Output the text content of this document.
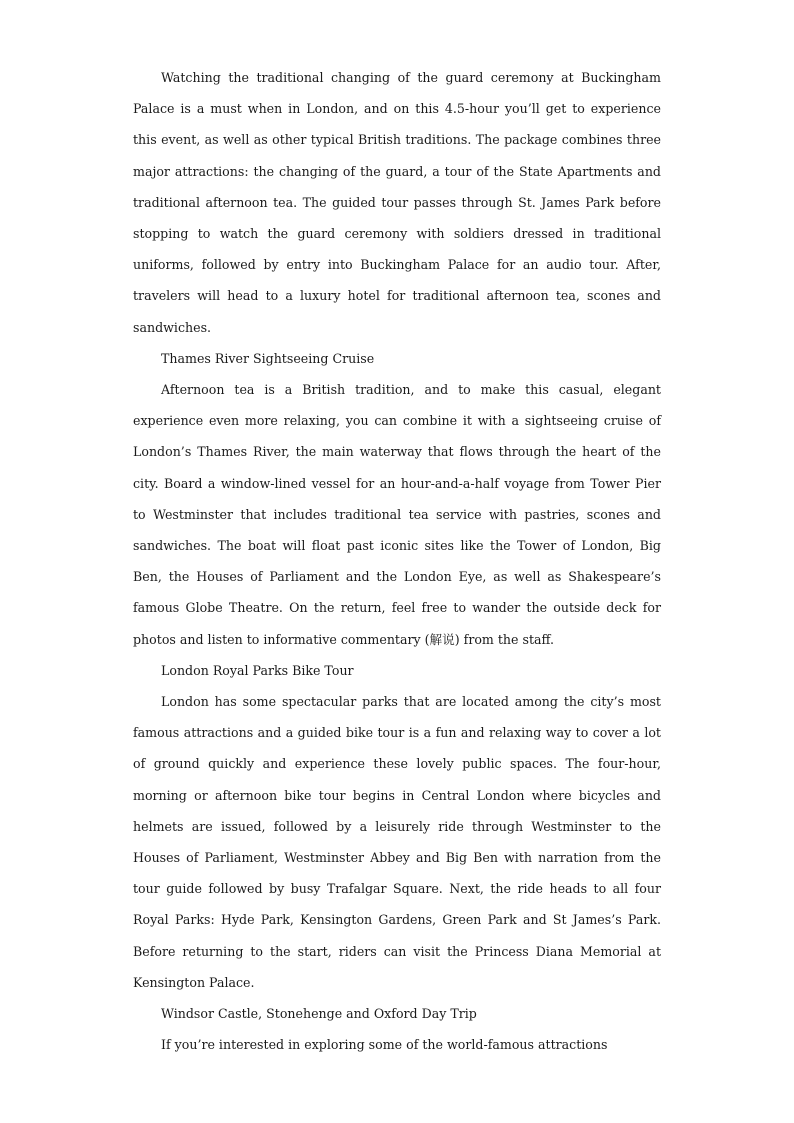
Watching the traditional changing of the guard ceremony at Buckingham Palace is a must when in London, and on this 4.5-hour you’ll get to experience this event, as well as other typical British traditions. The package combines three major attractions: the changing of the guard, a tour of the State Apartments and traditional afternoon tea. The guided tour passes through St. James Park before stopping to watch the guard ceremony with soldiers dressed in traditional uniforms, followed by entry into Buckingham Palace for an audio tour. After, travelers will head to a luxury hotel for traditional afternoon tea, scones and sandwiches.

Thames River Sightseeing Cruise

Afternoon tea is a British tradition, and to make this casual, elegant experience even more relaxing, you can combine it with a sightseeing cruise of London’s Thames River, the main waterway that flows through the heart of the city. Board a window-lined vessel for an hour-and-a-half voyage from Tower Pier to Westminster that includes traditional tea service with pastries, scones and sandwiches. The boat will float past iconic sites like the Tower of London, Big Ben, the Houses of Parliament and the London Eye, as well as Shakespeare’s famous Globe Theatre. On the return, feel free to wander the outside deck for photos and listen to informative commentary (解说) from the staff.

London Royal Parks Bike Tour

London has some spectacular parks that are located among the city’s most famous attractions and a guided bike tour is a fun and relaxing way to cover a lot of ground quickly and experience these lovely public spaces. The four-hour, morning or afternoon bike tour begins in Central London where bicycles and helmets are issued, followed by a leisurely ride through Westminster to the Houses of Parliament, Westminster Abbey and Big Ben with narration from the tour guide followed by busy Trafalgar Square. Next, the ride heads to all four Royal Parks: Hyde Park, Kensington Gardens, Green Park and St James’s Park. Before returning to the start, riders can visit the Princess Diana Memorial at Kensington Palace.

Windsor Castle, Stonehenge and Oxford Day Trip

If you’re interested in exploring some of the world-famous attractions
